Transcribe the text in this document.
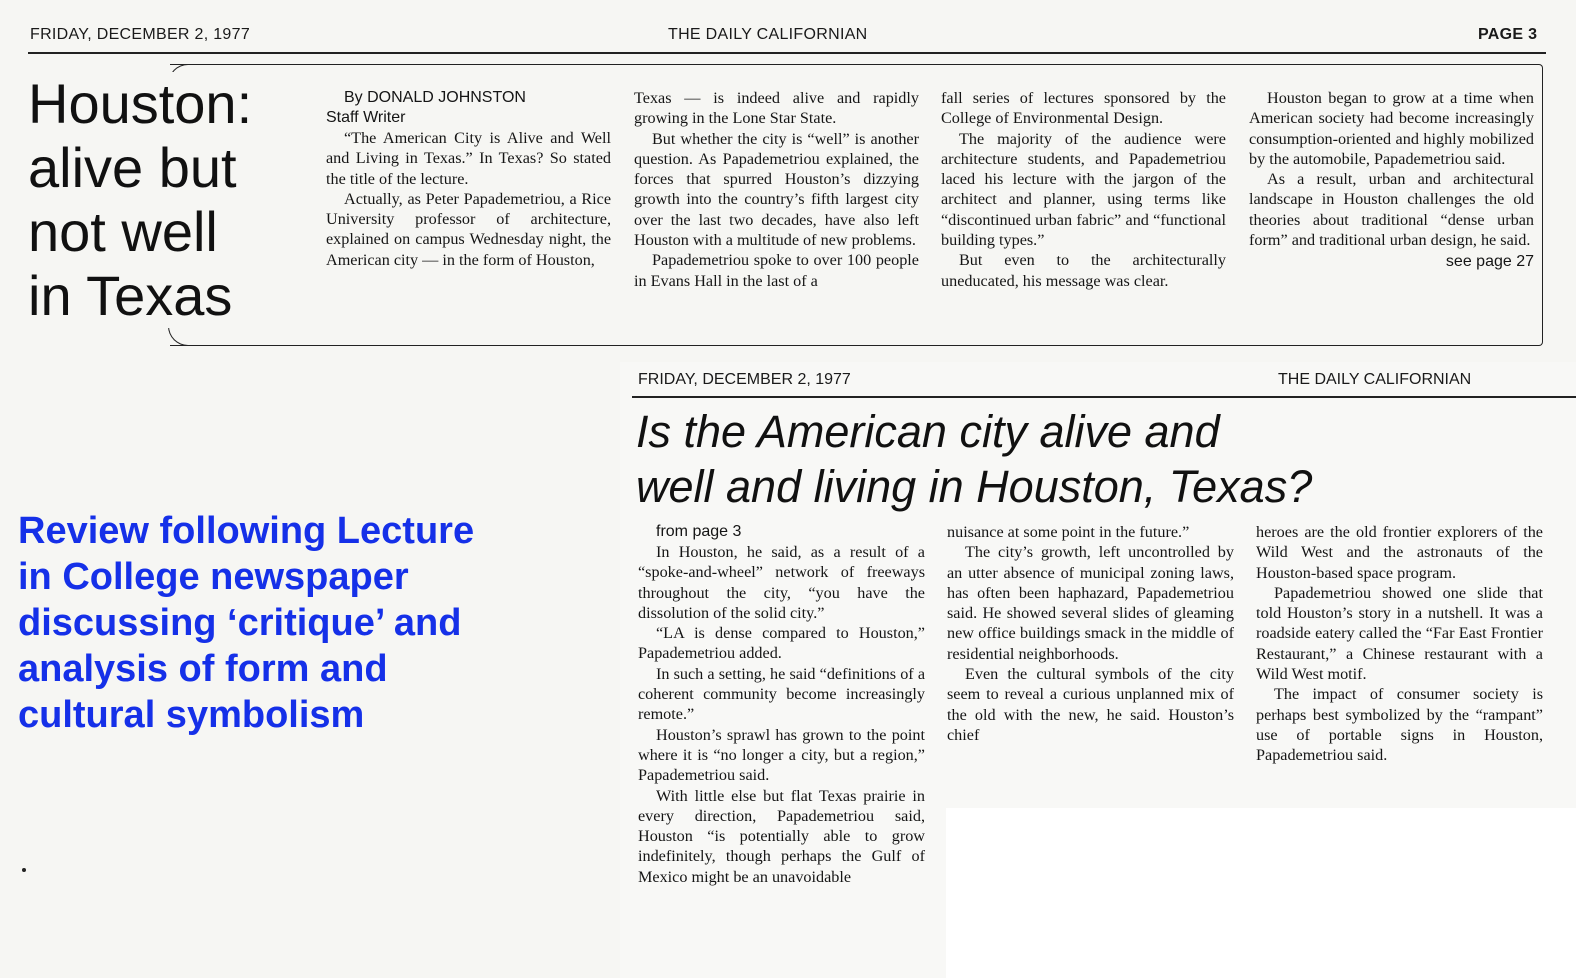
FRIDAY, DECEMBER 2, 1977	THE DAILY CALIFORNIAN	PAGE 3
Houston:
alive but
not well
in Texas

By DONALD JOHNSTON
Staff Writer

“The American City is Alive and Well and Living in Texas.” In Texas? So stated the title of the lecture.

Actually, as Peter Papademetriou, a Rice University professor of architecture, explained on campus Wednesday night, the American city — in the form of Houston,

Texas — is indeed alive and rapidly growing in the Lone Star State.

But whether the city is “well” is another question. As Papademetriou explained, the forces that spurred Houston’s dizzying growth into the country’s fifth largest city over the last two decades, have also left Houston with a multitude of new problems.

Papademetriou spoke to over 100 people in Evans Hall in the last of a

fall series of lectures sponsored by the College of Environmental Design.

The majority of the audience were architecture students, and Papademetriou laced his lecture with the jargon of the architect and planner, using terms like “discontinued urban fabric” and “functional building types.”

But even to the architecturally uneducated, his message was clear.

Houston began to grow at a time when American society had become increasingly consumption-oriented and highly mobilized by the automobile, Papademetriou said.

As a result, urban and architectural landscape in Houston challenges the old theories about traditional “dense urban form” and traditional urban design, he said.

see page 27
FRIDAY, DECEMBER 2, 1977	THE DAILY CALIFORNIAN
Is the American city alive and
well and living in Houston, Texas?

from page 3

In Houston, he said, as a result of a “spoke-and-wheel” network of freeways throughout the city, “you have the dissolution of the solid city.”

“LA is dense compared to Houston,” Papademetriou added.

In such a setting, he said “definitions of a coherent community become increasingly remote.”

Houston’s sprawl has grown to the point where it is “no longer a city, but a region,” Papademetriou said.

With little else but flat Texas prairie in every direction, Papademetriou said, Houston “is potentially able to grow indefinitely, though perhaps the Gulf of Mexico might be an unavoidable

nuisance at some point in the future.”

The city’s growth, left uncontrolled by an utter absence of municipal zoning laws, has often been haphazard, Papademetriou said. He showed several slides of gleaming new office buildings smack in the middle of residential neighborhoods.

Even the cultural symbols of the city seem to reveal a curious unplanned mix of the old with the new, he said. Houston’s chief

heroes are the old frontier explorers of the Wild West and the astronauts of the Houston-based space program.

Papademetriou showed one slide that told Houston’s story in a nutshell. It was a roadside eatery called the “Far East Frontier Restaurant,” a Chinese restaurant with a Wild West motif.

The impact of consumer society is perhaps best symbolized by the “rampant” use of portable signs in Houston, Papademetriou said.

Review following Lecture
in College newspaper
discussing ‘critique’ and
analysis of form and
cultural symbolism
